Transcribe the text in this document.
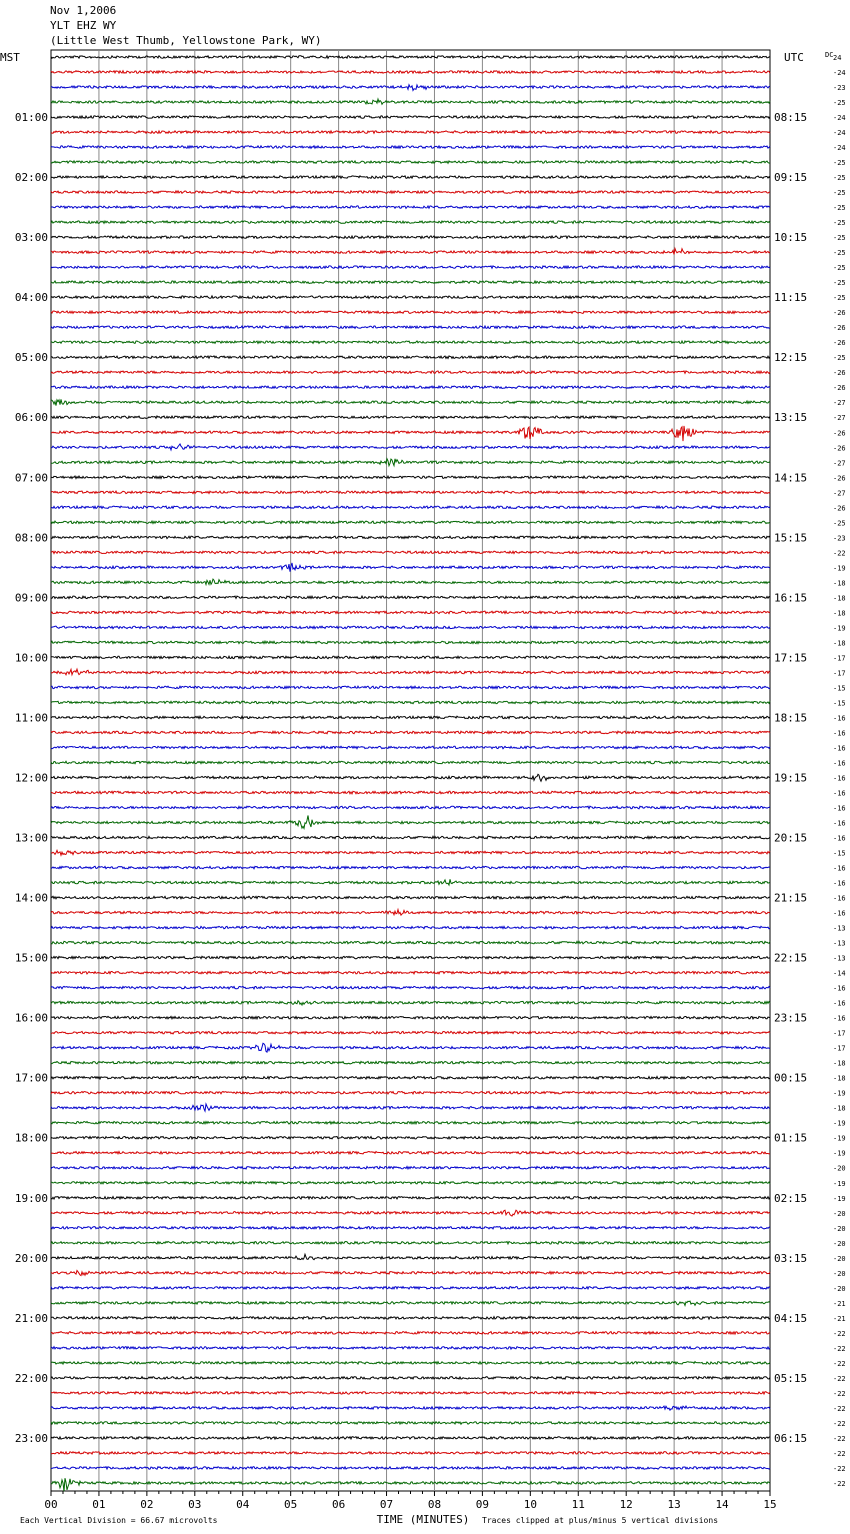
Nov 1,2006
YLT EHZ WY
(Little West Thumb, Yellowstone Park, WY)
24
-24
-23
-25
-24
-24
-24
-25
-25
-25
-25
-25
-25
-25
-25
-25
-25
-26
-26
-26
-25
-26
-26
-27
-27
-26
-26
-27
-26
-27
-26
-25
-23
-22
-19
-18
-18
-18
-19
-18
-17
-17
-15
-15
-16
-16
-16
-16
-16
-16
-16
-16
-16
-15
-16
-16
-16
-16
-13
-13
-13
-14
-16
-16
-16
-17
-17
-18
-18
-19
-18
-19
-19
-19
-20
-19
-19
-20
-20
-20
-20
-20
-20
-21
-21
-22
-22
-22
-22
-22
-22
-22
-22
-22
-22
-22
MST	UTC	DC
01:00
02:00
03:00
04:00
05:00
06:00
07:00
08:00
09:00
10:00
11:00
12:00
13:00
14:00
15:00
16:00
17:00
18:00
19:00
20:00
21:00
22:00
23:00
08:15
09:15
10:15
11:15
12:15
13:15
14:15
15:15
16:15
17:15
18:15
19:15
20:15
21:15
22:15
23:15
00:15
01:15
02:15
03:15
04:15
05:15
06:15
00	01	02	03	04	05	06	07	08	09	10	11	12	13	14	15
Each Vertical Division = 66.67 microvolts	TIME (MINUTES) Traces clipped at plus/minus 5 vertical divisions
